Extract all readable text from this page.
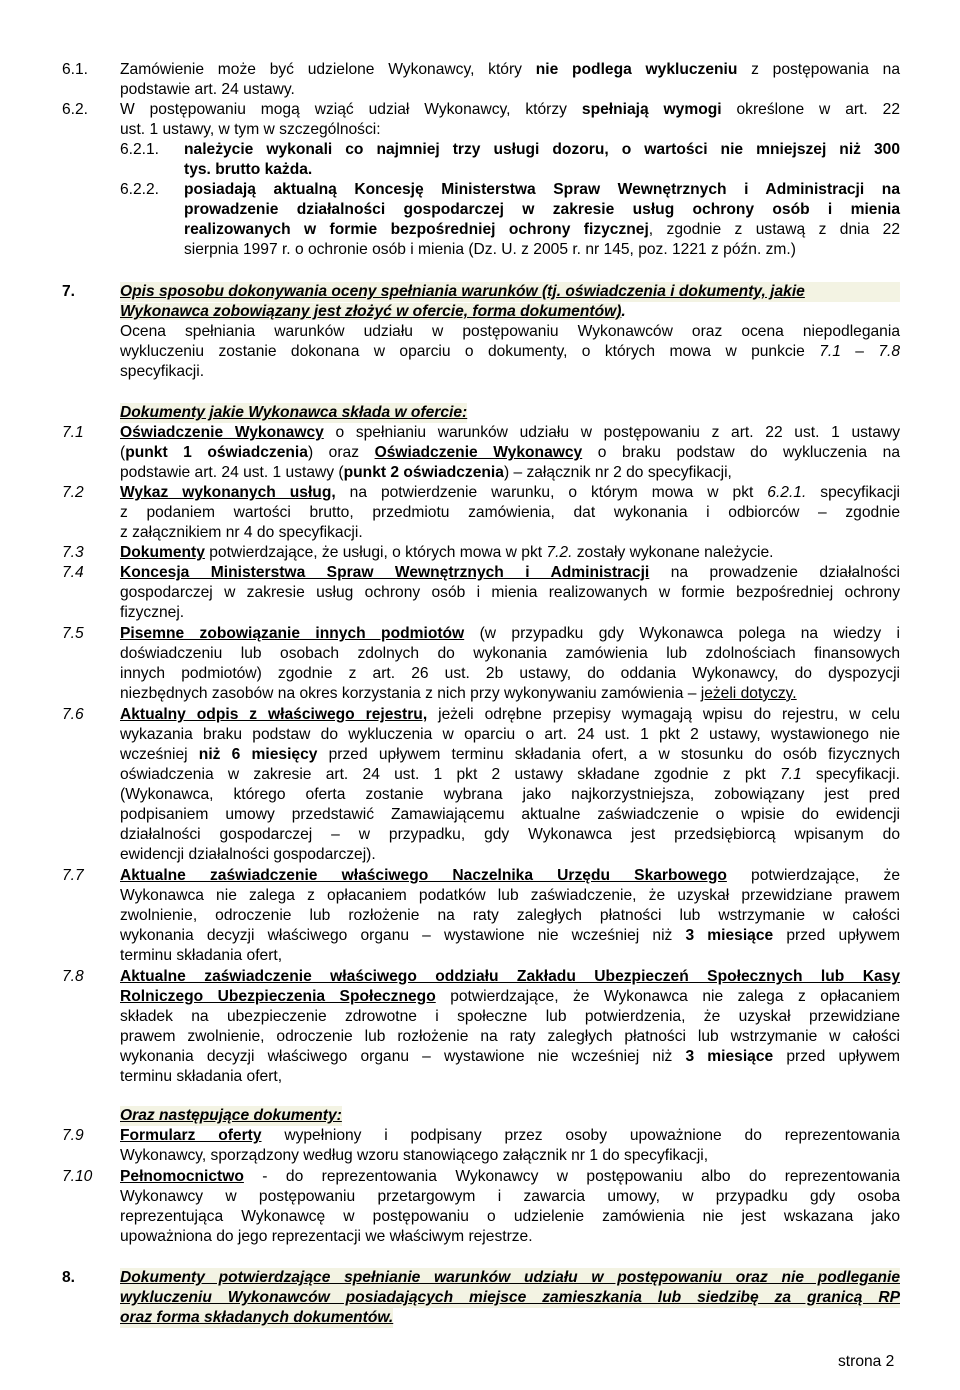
6.1. Zamówienie może być udzielone Wykonawcy, który nie podlega wykluczeniu z postępowania na
podstawie art. 24 ustawy.
6.2. W postępowaniu mogą wziąć udział Wykonawcy, którzy spełniają wymogi określone w art. 22
ust. 1 ustawy, w tym w szczególności:
6.2.1. należycie wykonali co najmniej trzy usługi dozoru, o wartości nie mniejszej niż 300
tys. brutto każda.
6.2.2. posiadają aktualną Koncesję Ministerstwa Spraw Wewnętrznych i Administracji na
prowadzenie działalności gospodarczej w zakresie usług ochrony osób i mienia
realizowanych w formie bezpośredniej ochrony fizycznej, zgodnie z ustawą z dnia 22
sierpnia 1997 r. o ochronie osób i mienia (Dz. U. z 2005 r. nr 145, poz. 1221 z późn. zm.)
7.	Opis sposobu dokonywania oceny spełniania warunków (tj. oświadczenia i dokumenty, jakie
Wykonawca zobowiązany jest złożyć w ofercie, forma dokumentów).
Ocena spełniania warunków udziału w postępowaniu Wykonawców oraz ocena niepodlegania
wykluczeniu zostanie dokonana w oparciu o dokumenty, o których mowa w punkcie 7.1 – 7.8
specyfikacji.
Dokumenty jakie Wykonawca składa w ofercie:
7.1 Oświadczenie Wykonawcy o spełnianiu warunków udziału w postępowaniu z art. 22 ust. 1 ustawy
(punkt 1 oświadczenia) oraz Oświadczenie Wykonawcy o braku podstaw do wykluczenia na
podstawie art. 24 ust. 1 ustawy (punkt 2 oświadczenia) – załącznik nr 2 do specyfikacji,
7.2 Wykaz wykonanych usług, na potwierdzenie warunku, o którym mowa w pkt 6.2.1. specyfikacji
z podaniem wartości brutto, przedmiotu zamówienia, dat wykonania i odbiorców – zgodnie
z załącznikiem nr 4 do specyfikacji.
7.3 Dokumenty potwierdzające, że usługi, o których mowa w pkt 7.2. zostały wykonane należycie.
7.4 Koncesja Ministerstwa Spraw Wewnętrznych i Administracji na prowadzenie działalności
gospodarczej w zakresie usług ochrony osób i mienia realizowanych w formie bezpośredniej ochrony
fizycznej.
7.5 Pisemne zobowiązanie innych podmiotów (w przypadku gdy Wykonawca polega na wiedzy i
doświadczeniu lub osobach zdolnych do wykonania zamówienia lub zdolnościach finansowych
innych podmiotów) zgodnie z art. 26 ust. 2b ustawy, do oddania Wykonawcy, do dyspozycji
niezbędnych zasobów na okres korzystania z nich przy wykonywaniu zamówienia – jeżeli dotyczy.
7.6 Aktualny odpis z właściwego rejestru, jeżeli odrębne przepisy wymagają wpisu do rejestru, w celu
wykazania braku podstaw do wykluczenia w oparciu o art. 24 ust. 1 pkt 2 ustawy, wystawionego nie
wcześniej niż 6 miesięcy przed upływem terminu składania ofert, a w stosunku do osób fizycznych
oświadczenia w zakresie art. 24 ust. 1 pkt 2 ustawy składane zgodnie z pkt 7.1 specyfikacji.
(Wykonawca, którego oferta zostanie wybrana jako najkorzystniejsza, zobowiązany jest pred
podpisaniem umowy przedstawić Zamawiającemu aktualne zaświadczenie o wpisie do ewidencji
działalności gospodarczej – w przypadku, gdy Wykonawca jest przedsiębiorcą wpisanym do
ewidencji działalności gospodarczej).
7.7 Aktualne zaświadczenie właściwego Naczelnika Urzędu Skarbowego potwierdzające, że
Wykonawca nie zalega z opłacaniem podatków lub zaświadczenie, że uzyskał przewidziane prawem
zwolnienie, odroczenie lub rozłożenie na raty zaległych płatności lub wstrzymanie w całości
wykonania decyzji właściwego organu – wystawione nie wcześniej niż 3 miesiące przed upływem
terminu składania ofert,
7.8 Aktualne zaświadczenie właściwego oddziału Zakładu Ubezpieczeń Społecznych lub Kasy
Rolniczego Ubezpieczenia Społecznego potwierdzające, że Wykonawca nie zalega z opłacaniem
składek na ubezpieczenie zdrowotne i społeczne lub potwierdzenia, że uzyskał przewidziane
prawem zwolnienie, odroczenie lub rozłożenie na raty zaległych płatności lub wstrzymanie w całości
wykonania decyzji właściwego organu – wystawione nie wcześniej niż 3 miesiące przed upływem
terminu składania ofert,
Oraz następujące dokumenty:
7.9 Formularz oferty wypełniony i podpisany przez osoby upoważnione do reprezentowania
Wykonawcy, sporządzony według wzoru stanowiącego załącznik nr 1 do specyfikacji,
7.10 Pełnomocnictwo - do reprezentowania Wykonawcy w postępowaniu albo do reprezentowania
Wykonawcy w postępowaniu przetargowym i zawarcia umowy, w przypadku gdy osoba
reprezentująca Wykonawcę w postępowaniu o udzielenie zamówienia nie jest wskazana jako
upoważniona do jego reprezentacji we właściwym rejestrze.
8.	Dokumenty potwierdzające spełnianie warunków udziału w postępowaniu oraz nie podleganie
wykluczeniu Wykonawców posiadających miejsce zamieszkania lub siedzibę za granicą RP
oraz forma składanych dokumentów.
strona 2
